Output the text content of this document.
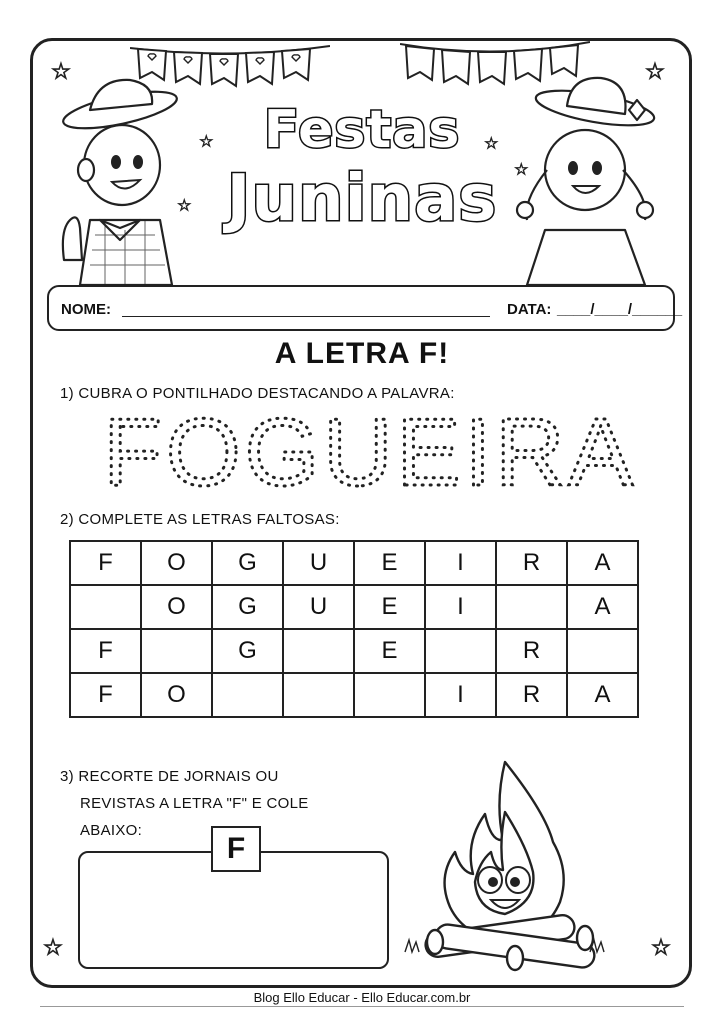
★	★
★
★
★
★
★	★
Festas
Juninas
NOME:	DATA: ____/____/______
A LETRA F!
1) CUBRA O PONTILHADO DESTACANDO A PALAVRA:
FOGUEIRA
2) COMPLETE AS LETRAS FALTOSAS:
F	O	G	U	E	I	R	A
	O	G	U	E	I		A
F		G		E		R	
F	O				I	R	A
3) RECORTE DE JORNAIS OU
REVISTAS A LETRA "F" E COLE
ABAIXO:
F
Blog Ello Educar - Ello Educar.com.br
